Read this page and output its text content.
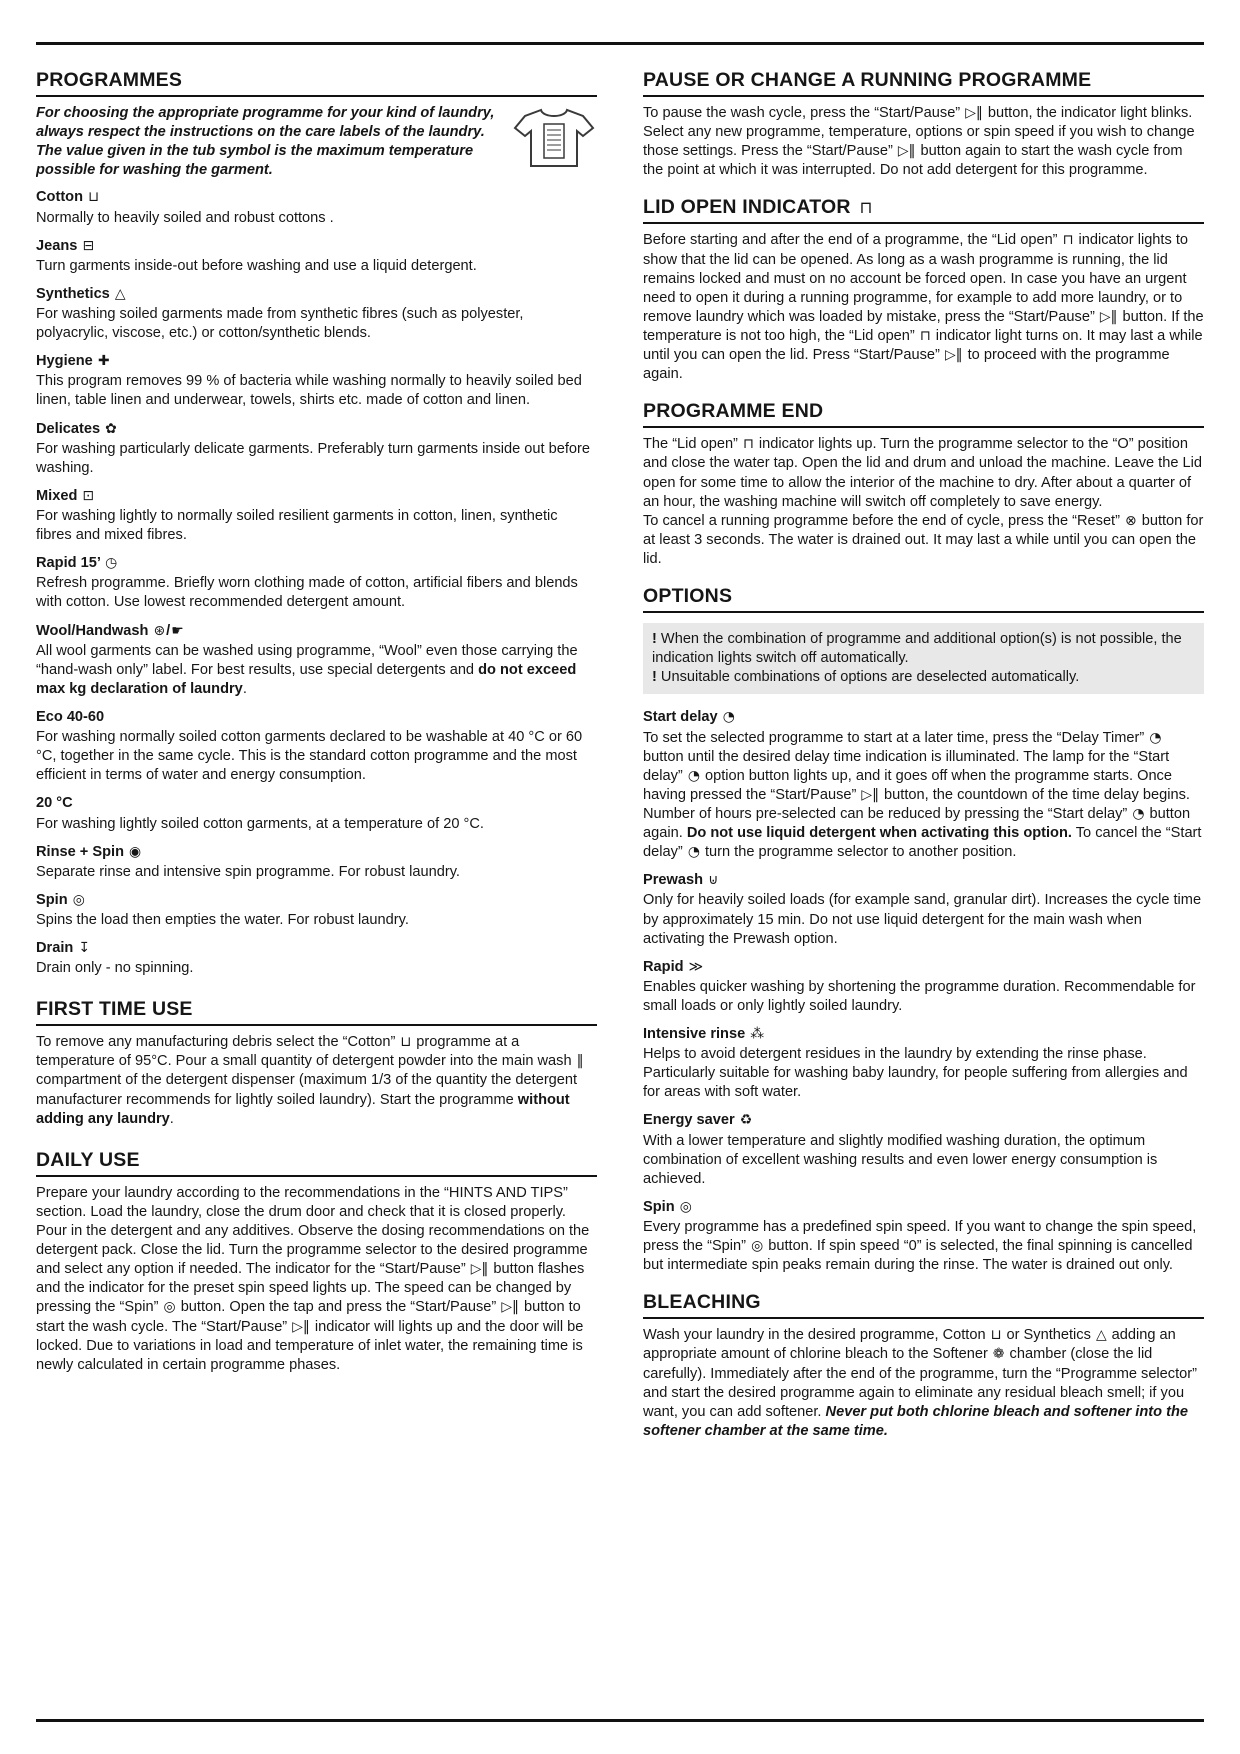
PROGRAMMES

For choosing the appropriate programme for your kind of laundry, always respect the instructions on the care labels of the laundry. The value given in the tub symbol is the maximum temperature possible for washing the garment.

Cotton ⊔

Normally to heavily soiled and robust cottons .

Jeans ⊟

Turn garments inside-out before washing and use a liquid detergent.

Synthetics △

For washing soiled garments made from synthetic fibres (such as polyester, polyacrylic, viscose, etc.) or cotton/synthetic blends.

Hygiene ✚

This program removes 99 % of bacteria while washing normally to heavily soiled bed linen, table linen and underwear, towels, shirts etc. made of cotton and linen.

Delicates ✿

For washing particularly delicate garments. Preferably turn garments inside out before washing.

Mixed ⊡

For washing lightly to normally soiled resilient garments in cotton, linen, synthetic fibres and mixed fibres.

Rapid 15’ ◷

Refresh programme. Briefly worn clothing made of cotton, artificial fibers and blends with cotton. Use lowest recommended detergent amount.

Wool/Handwash ⊛/☛

All wool garments can be washed using programme, “Wool” even those carrying the “hand-wash only” label. For best results, use special detergents and do not exceed max kg declaration of laundry.

Eco 40-60

For washing normally soiled cotton garments declared to be washable at 40 °C or 60 °C, together in the same cycle. This is the standard cotton programme and the most efficient in terms of water and energy consumption.

20 °C

For washing lightly soiled cotton garments, at a temperature of 20 °C.

Rinse + Spin ◉

Separate rinse and intensive spin programme. For robust laundry.

Spin ◎

Spins the load then empties the water. For robust laundry.

Drain ↧

Drain only - no spinning.

FIRST TIME USE

To remove any manufacturing debris select the “Cotton” ⊔ programme at a temperature of 95°C. Pour a small quantity of detergent powder into the main wash ‖ compartment of the detergent dispenser (maximum 1/3 of the quantity the detergent manufacturer recommends for lightly soiled laundry). Start the programme without adding any laundry.

DAILY USE

Prepare your laundry according to the recommendations in the “HINTS AND TIPS” section. Load the laundry, close the drum door and check that it is closed properly. Pour in the detergent and any additives. Observe the dosing recommendations on the detergent pack. Close the lid. Turn the programme selector to the desired programme and select any option if needed. The indicator for the “Start/Pause” ▷‖ button flashes and the indicator for the preset spin speed lights up. The speed can be changed by pressing the “Spin” ◎ button. Open the tap and press the “Start/Pause” ▷‖ button to start the wash cycle. The “Start/Pause” ▷‖ indicator will lights up and the door will be locked. Due to variations in load and temperature of inlet water, the remaining time is newly calculated in certain programme phases.

PAUSE OR CHANGE A RUNNING PROGRAMME

To pause the wash cycle, press the “Start/Pause” ▷‖ button, the indicator light blinks. Select any new programme, temperature, options or spin speed if you wish to change those settings. Press the “Start/Pause” ▷‖ button again to start the wash cycle from the point at which it was interrupted. Do not add detergent for this programme.

LID OPEN INDICATOR ⊓

Before starting and after the end of a programme, the “Lid open” ⊓ indicator lights to show that the lid can be opened. As long as a wash programme is running, the lid remains locked and must on no account be forced open. In case you have an urgent need to open it during a running programme, for example to add more laundry, or to remove laundry which was loaded by mistake, press the “Start/Pause” ▷‖ button. If the temperature is not too high, the “Lid open” ⊓ indicator light turns on. It may last a while until you can open the lid. Press “Start/Pause” ▷‖ to proceed with the programme again.

PROGRAMME END

The “Lid open” ⊓ indicator lights up. Turn the programme selector to the “O” position and close the water tap. Open the lid and drum and unload the machine. Leave the Lid open for some time to allow the interior of the machine to dry. After about a quarter of an hour, the washing machine will switch off completely to save energy.
To cancel a running programme before the end of cycle, press the “Reset” ⊗ button for at least 3 seconds. The water is drained out. It may last a while until you can open the lid.

OPTIONS
! When the combination of programme and additional option(s) is not possible, the indication lights switch off automatically.
! Unsuitable combinations of options are deselected automatically.

Start delay ◔

To set the selected programme to start at a later time, press the “Delay Timer” ◔ button until the desired delay time indication is illuminated. The lamp for the “Start delay” ◔ option button lights up, and it goes off when the programme starts. Once having pressed the “Start/Pause” ▷‖ button, the countdown of the time delay begins. Number of hours pre-selected can be reduced by pressing the “Start delay” ◔ button again. Do not use liquid detergent when activating this option. To cancel the “Start delay” ◔ turn the programme selector to another position.

Prewash ⊍

Only for heavily soiled loads (for example sand, granular dirt). Increases the cycle time by approximately 15 min. Do not use liquid detergent for the main wash when activating the Prewash option.

Rapid ≫

Enables quicker washing by shortening the programme duration. Recommendable for small loads or only lightly soiled laundry.

Intensive rinse ⁂

Helps to avoid detergent residues in the laundry by extending the rinse phase. Particularly suitable for washing baby laundry, for people suffering from allergies and for areas with soft water.

Energy saver ♻

With a lower temperature and slightly modified washing duration, the optimum combination of excellent washing results and even lower energy consumption is achieved.

Spin ◎

Every programme has a predefined spin speed. If you want to change the spin speed, press the “Spin” ◎ button. If spin speed “0” is selected, the final spinning is cancelled but intermediate spin peaks remain during the rinse. The water is drained out only.

BLEACHING

Wash your laundry in the desired programme, Cotton ⊔ or Synthetics △ adding an appropriate amount of chlorine bleach to the Softener ❁ chamber (close the lid carefully). Immediately after the end of the programme, turn the “Programme selector” and start the desired programme again to eliminate any residual bleach smell; if you want, you can add softener. Never put both chlorine bleach and softener into the softener chamber at the same time.
